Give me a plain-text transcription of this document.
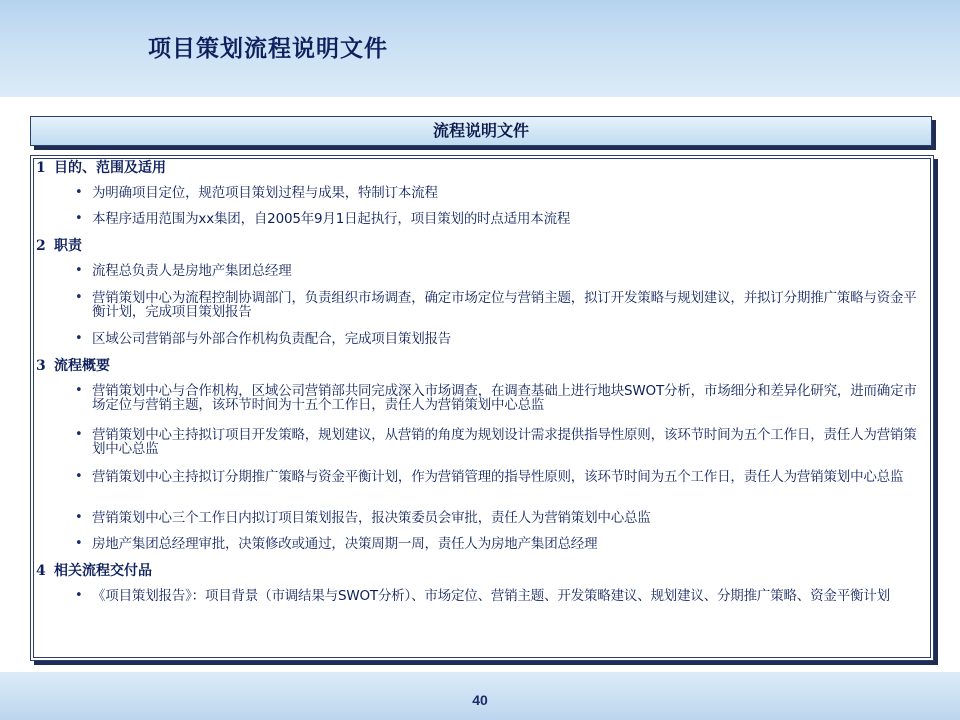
项目策划流程说明文件
流程说明文件
1 目的、范围及适用
• 为明确项目定位，规范项目策划过程与成果，特制订本流程
• 本程序适用范围为xx集团，自2005年9月1日起执行，项目策划的时点适用本流程
2 职责
• 流程总负责人是房地产集团总经理
• 营销策划中心为流程控制协调部门，负责组织市场调查，确定市场定位与营销主题，拟订开发策略与规划建议，并拟订分期推广策略与资金平衡计划，完成项目策划报告
• 区域公司营销部与外部合作机构负责配合，完成项目策划报告
3 流程概要
• 营销策划中心与合作机构，区域公司营销部共同完成深入市场调查，在调查基础上进行地块SWOT分析，市场细分和差异化研究，进而确定市场定位与营销主题，该环节时间为十五个工作日，责任人为营销策划中心总监
• 营销策划中心主持拟订项目开发策略，规划建议，从营销的角度为规划设计需求提供指导性原则，该环节时间为五个工作日，责任人为营销策划中心总监
• 营销策划中心主持拟订分期推广策略与资金平衡计划，作为营销管理的指导性原则，该环节时间为五个工作日，责任人为营销策划中心总监
• 营销策划中心三个工作日内拟订项目策划报告，报决策委员会审批，责任人为营销策划中心总监
• 房地产集团总经理审批，决策修改或通过，决策周期一周，责任人为房地产集团总经理
4 相关流程交付品
• 《项目策划报告》：项目背景（市调结果与SWOT分析）、市场定位、营销主题、开发策略建议、规划建议、分期推广策略、资金平衡计划
40
